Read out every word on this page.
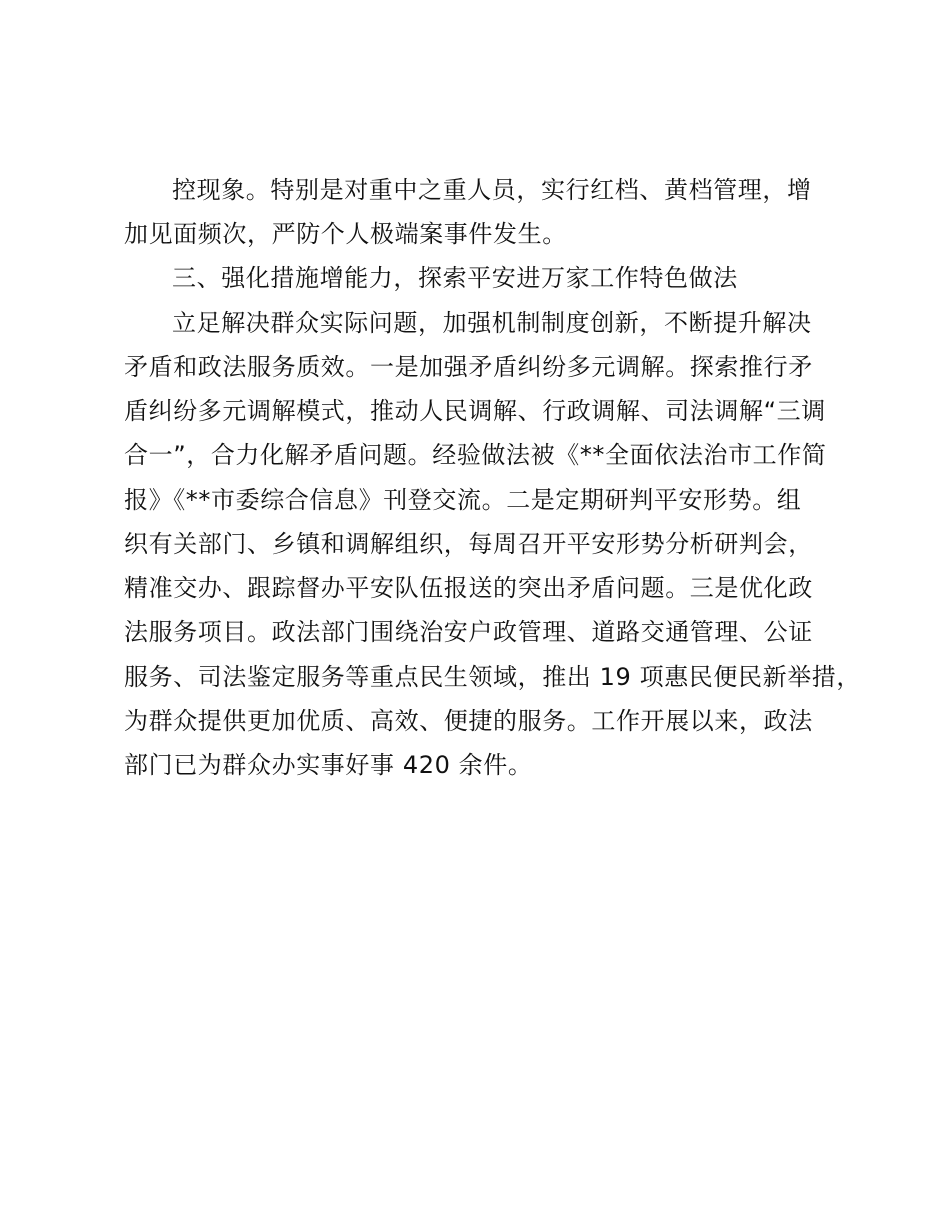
控现象。特别是对重中之重人员，实行红档、黄档管理，增

加见面频次，严防个人极端案事件发生。

三、强化措施增能力，探索平安进万家工作特色做法

立足解决群众实际问题，加强机制制度创新，不断提升解决

矛盾和政法服务质效。一是加强矛盾纠纷多元调解。探索推行矛

盾纠纷多元调解模式，推动人民调解、行政调解、司法调解“三调

合一”，合力化解矛盾问题。经验做法被《**全面依法治市工作简

报》《**市委综合信息》刊登交流。二是定期研判平安形势。组

织有关部门、乡镇和调解组织，每周召开平安形势分析研判会，

精准交办、跟踪督办平安队伍报送的突出矛盾问题。三是优化政

法服务项目。政法部门围绕治安户政管理、道路交通管理、公证

服务、司法鉴定服务等重点民生领域，推出 19 项惠民便民新举措，

为群众提供更加优质、高效、便捷的服务。工作开展以来，政法

部门已为群众办实事好事 420 余件。
